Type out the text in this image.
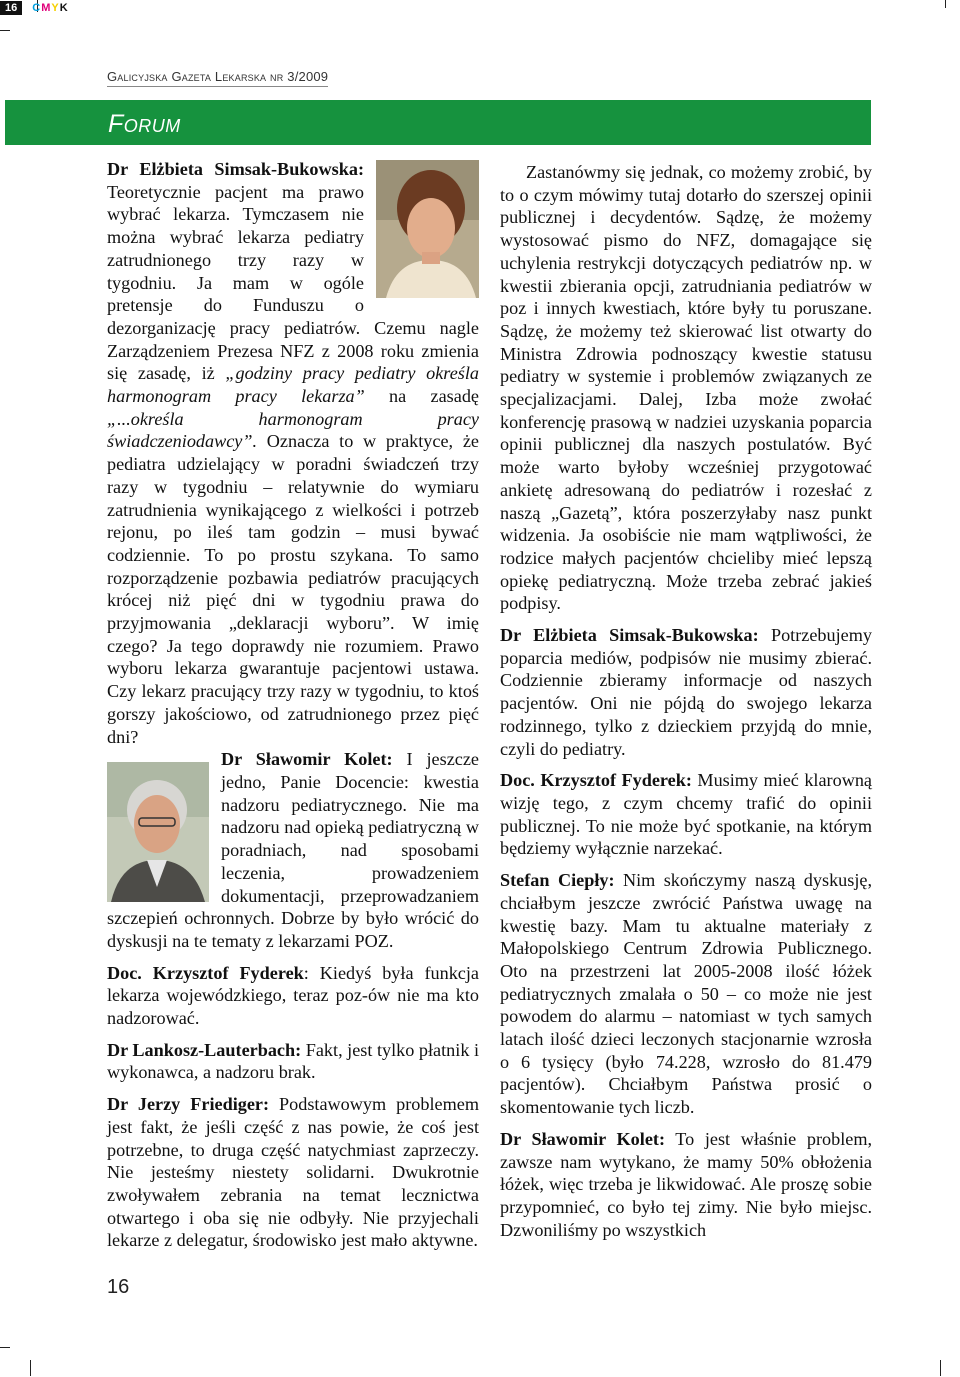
16	CMYK
Galicyjska Gazeta Lekarska nr 3/2009
Forum

Dr Elżbieta Simsak-Bukowska: Teoretycznie pacjent ma prawo wybrać lekarza. Tymczasem nie można wybrać lekarza pediatry zatrudnionego trzy razy w tygodniu. Ja mam w ogóle pretensje do Funduszu o dezorganizację pracy pediatrów. Czemu nagle Zarządzeniem Prezesa NFZ z 2008 roku zmienia się zasadę, iż „godziny pracy pediatry określa harmonogram pracy lekarza” na zasadę „...określa harmonogram pracy świadczeniodawcy”. Oznacza to w praktyce, że pediatra udzielający w poradni świadczeń trzy razy w tygodniu – relatywnie do wymiaru zatrudnienia wynikającego z wielkości i potrzeb rejonu, po ileś tam godzin – musi bywać codziennie. To po prostu szykana. To samo rozporządzenie pozbawia pediatrów pracujących krócej niż pięć dni w tygodniu prawa do przyjmowania „deklaracji wyboru”. W imię czego? Ja tego doprawdy nie rozumiem. Prawo wyboru lekarza gwarantuje pacjentowi ustawa. Czy lekarz pracujący trzy razy w tygodniu, to ktoś gorszy jakościowo, od zatrudnionego przez pięć dni?

Dr Sławomir Kolet: I jeszcze jedno, Panie Docencie: kwestia nadzoru pediatrycznego. Nie ma nadzoru nad opieką pediatryczną w poradniach, nad sposobami leczenia, prowadzeniem dokumentacji, przeprowadzaniem szczepień ochronnych. Dobrze by było wrócić do dyskusji na te tematy z lekarzami POZ.

Doc. Krzysztof Fyderek: Kiedyś była funkcja lekarza wojewódzkiego, teraz poz-ów nie ma kto nadzorować.

Dr Lankosz-Lauterbach: Fakt, jest tylko płatnik i wykonawca, a nadzoru brak.

Dr Jerzy Friediger: Podstawowym problemem jest fakt, że jeśli część z nas powie, że coś jest potrzebne, to druga część natychmiast zaprzeczy. Nie jesteśmy niestety solidarni. Dwukrotnie zwoływałem zebrania na temat lecznictwa otwartego i oba się nie odbyły. Nie przyjechali lekarze z delegatur, środowisko jest mało aktywne.

Zastanówmy się jednak, co możemy zrobić, by to o czym mówimy tutaj dotarło do szerszej opinii publicznej i decydentów. Sądzę, że możemy wystosować pismo do NFZ, domagające się uchylenia restrykcji dotyczących pediatrów np. w kwestii zbierania opcji, zatrudniania pediatrów w poz i innych kwestiach, które były tu poruszane. Sądzę, że możemy też skierować list otwarty do Ministra Zdrowia podnoszący kwestie statusu pediatry w systemie i problemów związanych ze specjalizacjami. Dalej, Izba może zwołać konferencję prasową w nadziei uzyskania poparcia opinii publicznej dla naszych postulatów. Być może warto byłoby wcześniej przygotować ankietę adresowaną do pediatrów i rozesłać z naszą „Gazetą”, która poszerzyłaby nasz punkt widzenia. Ja osobiście nie mam wątpliwości, że rodzice małych pacjentów chcieliby mieć lepszą opiekę pediatryczną. Może trzeba zebrać jakieś podpisy.

Dr Elżbieta Simsak-Bukowska: Potrzebujemy poparcia mediów, podpisów nie musimy zbierać. Codziennie zbieramy informacje od naszych pacjentów. Oni nie pójdą do swojego lekarza rodzinnego, tylko z dzieckiem przyjdą do mnie, czyli do pediatry.

Doc. Krzysztof Fyderek: Musimy mieć klarowną wizję tego, z czym chcemy trafić do opinii publicznej. To nie może być spotkanie, na którym będziemy wyłącznie narzekać.

Stefan Ciepły: Nim skończymy naszą dyskusję, chciałbym jeszcze zwrócić Państwa uwagę na kwestię bazy. Mam tu aktualne materiały z Małopolskiego Centrum Zdrowia Publicznego. Oto na przestrzeni lat 2005-2008 ilość łóżek pediatrycznych zmalała o 50 – co może nie jest powodem do alarmu – natomiast w tych samych latach ilość dzieci leczonych stacjonarnie wzrosła o 6 tysięcy (było 74.228, wzrosło do 81.479 pacjentów). Chciałbym Państwa prosić o skomentowanie tych liczb.

Dr Sławomir Kolet: To jest właśnie problem, zawsze nam wytykano, że mamy 50% obłożenia łóżek, więc trzeba je likwidować. Ale proszę sobie przypomnieć, co było tej zimy. Nie było miejsc. Dzwoniliśmy po wszystkich

16
